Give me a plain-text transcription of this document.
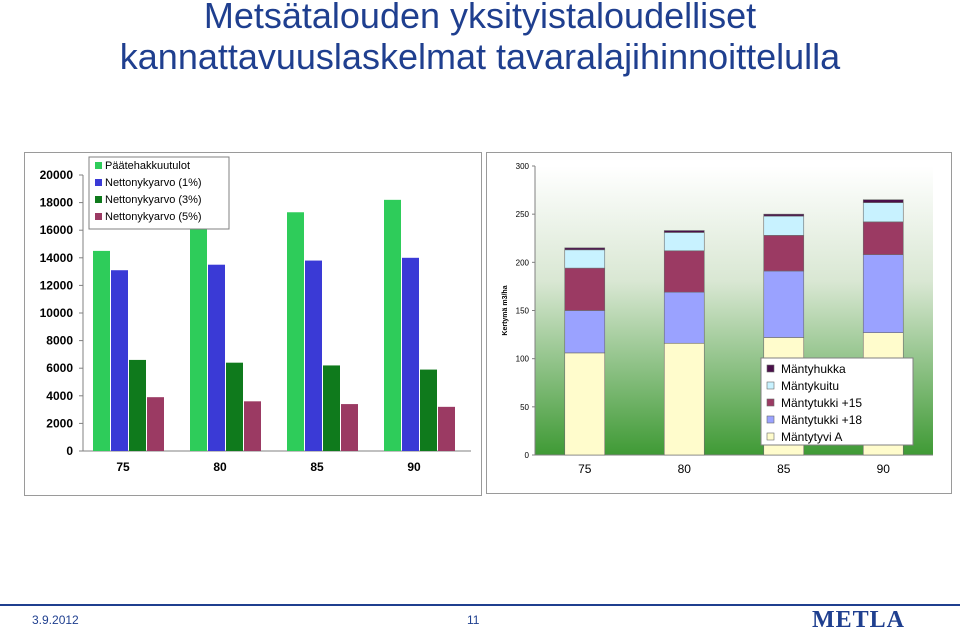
Metsätalouden yksityistaloudelliset
kannattavuuslaskelmat tavaralajihinnoittelulla
0
2000
4000
6000
8000
10000
12000
14000
16000
18000
20000
75	80	85	90
Päätehakkuutulot
Nettonykyarvo (1%)
Nettonykyarvo (3%)
Nettonykyarvo (5%)
0
50
100
150
200
250
300
Kertymä m3/ha
75	80	85	90
Mäntyhukka
Mäntykuitu
Mäntytukki +15
Mäntytukki +18
Mäntytyvi A
3.9.2012	11	METLA
